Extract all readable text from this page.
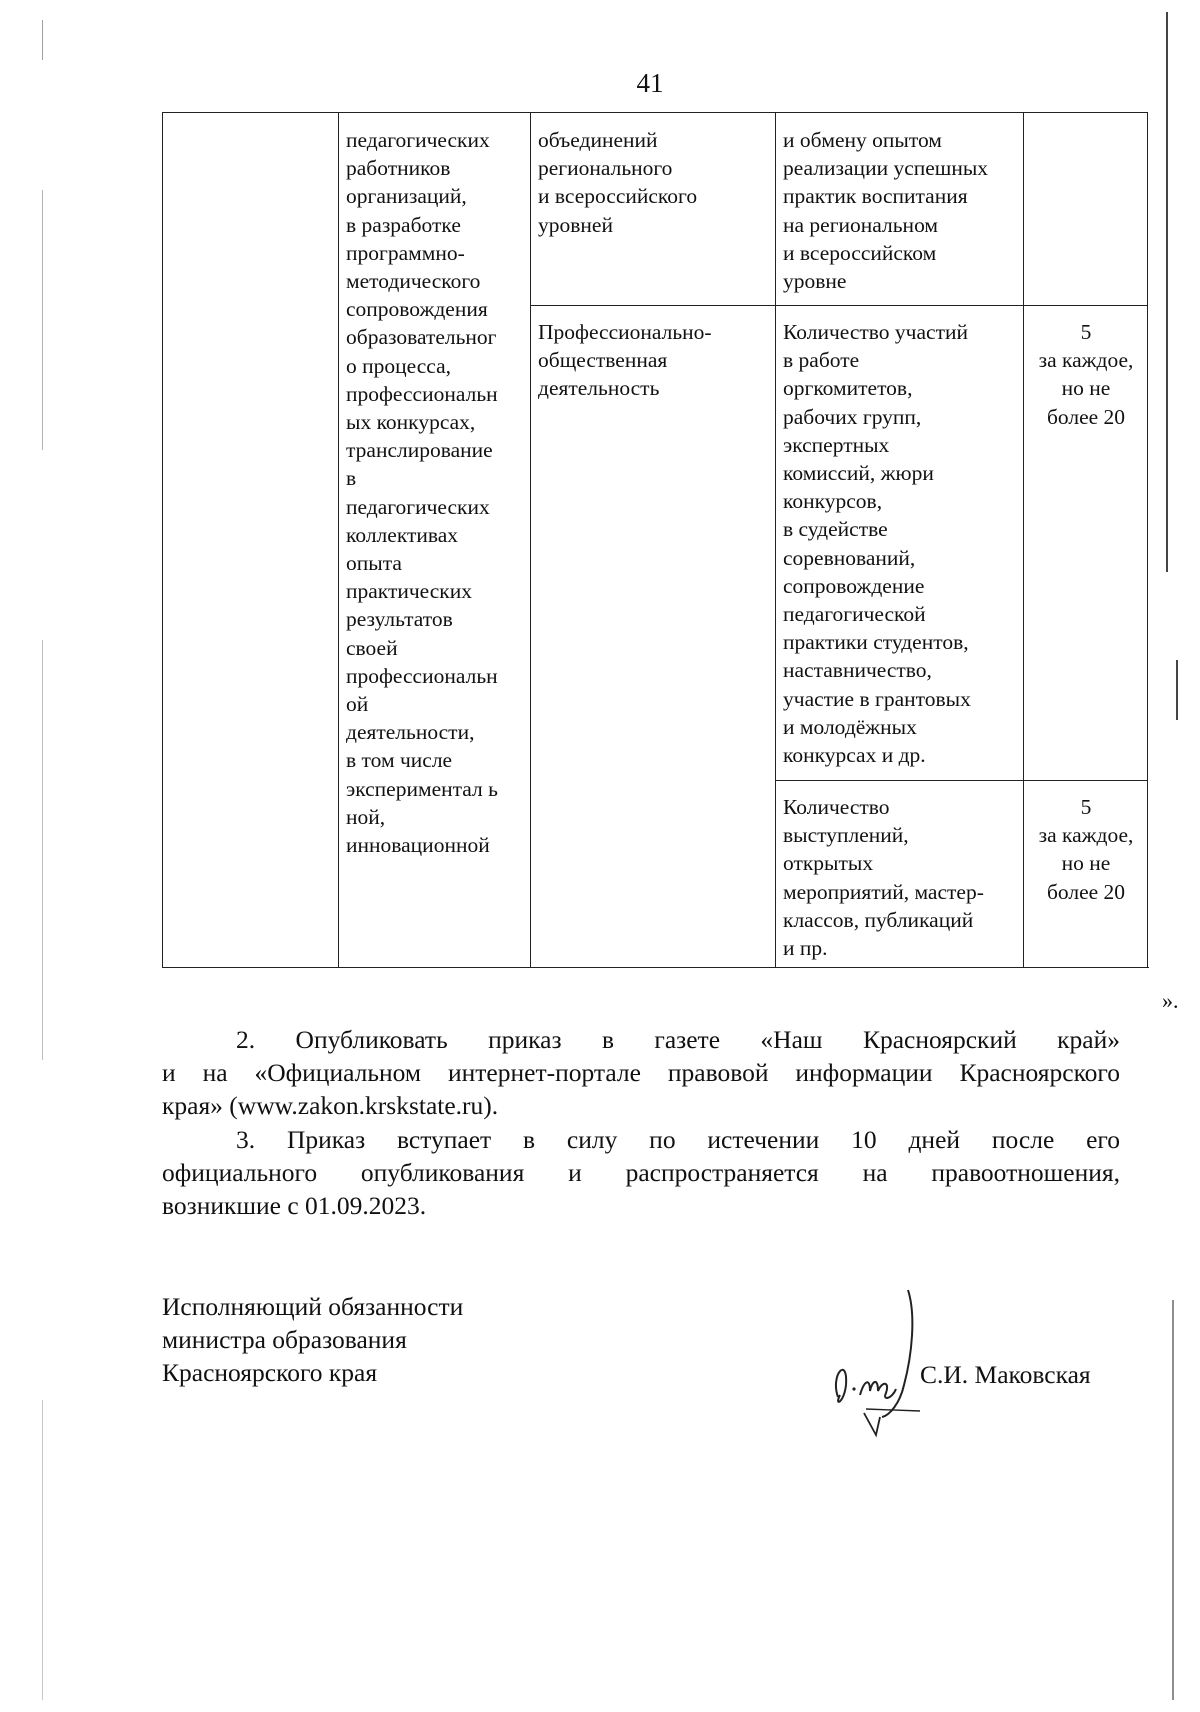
41
педагогических
работников
организаций,
в разработке
программно-
методического
сопровождения
образовательног
о процесса,
профессиональн
ых конкурсах,
транслирование
в
педагогических
коллективах
опыта
практических
результатов
своей
профессиональн
ой
деятельности,
в том числе
экспериментал ь
ной,
инновационной
объединений
регионального
и всероссийского
уровней
Профессионально-
общественная
деятельность
и обмену опытом
реализации успешных
практик воспитания
на региональном
и всероссийском
уровне
Количество участий
в работе
оргкомитетов,
рабочих групп,
экспертных
комиссий, жюри
конкурсов,
в судействе
соревнований,
сопровождение
педагогической
практики студентов,
наставничество,
участие в грантовых
и молодёжных
конкурсах и др.
5
за каждое,
но не
более 20
Количество
выступлений,
открытых
мероприятий, мастер-
классов, публикаций
и пр.
5
за каждое,
но не
более 20
».
2. Опубликовать приказ в газете «Наш Красноярский край»
и на «Официальном интернет-портале правовой информации Красноярского
края» (www.zakon.krskstate.ru).
3. Приказ вступает в силу по истечении 10 дней после его
официального опубликования и распространяется на правоотношения,
возникшие с 01.09.2023.
Исполняющий обязанности
министра образования
Красноярского края	С.И. Маковская
